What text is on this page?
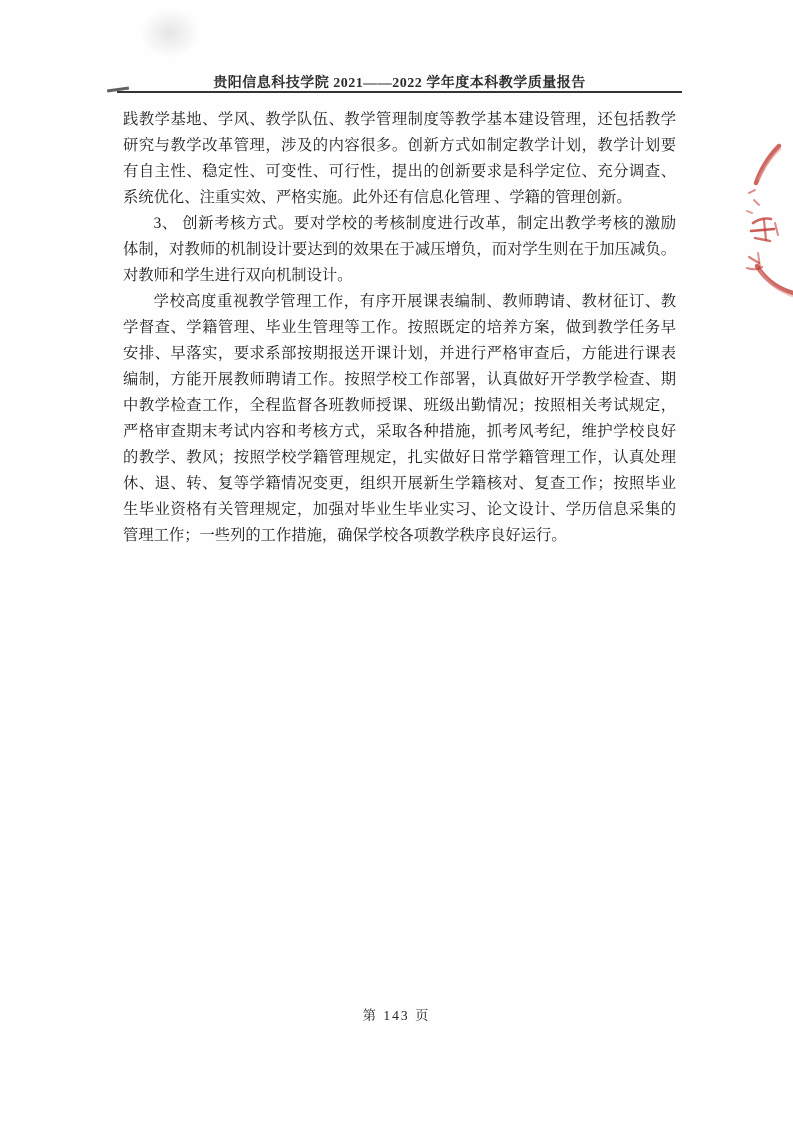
贵阳信息科技学院 2021——2022 学年度本科教学质量报告
践教学基地、学风、教学队伍、教学管理制度等教学基本建设管理，还包括教学
研究与教学改革管理，涉及的内容很多。创新方式如制定教学计划，教学计划要
有自主性、稳定性、可变性、可行性，提出的创新要求是科学定位、充分调查、
系统优化、注重实效、严格实施。此外还有信息化管理 、学籍的管理创新。
3、 创新考核方式。要对学校的考核制度进行改革，制定出教学考核的激励
体制，对教师的机制设计要达到的效果在于减压增负，而对学生则在于加压减负。
对教师和学生进行双向机制设计。
学校高度重视教学管理工作，有序开展课表编制、教师聘请、教材征订、教
学督查、学籍管理、毕业生管理等工作。按照既定的培养方案，做到教学任务早
安排、早落实，要求系部按期报送开课计划，并进行严格审查后，方能进行课表
编制，方能开展教师聘请工作。按照学校工作部署，认真做好开学教学检查、期
中教学检查工作，全程监督各班教师授课、班级出勤情况；按照相关考试规定，
严格审查期末考试内容和考核方式，采取各种措施，抓考风考纪，维护学校良好
的教学、教风；按照学校学籍管理规定，扎实做好日常学籍管理工作，认真处理
休、退、转、复等学籍情况变更，组织开展新生学籍核对、复查工作；按照毕业
生毕业资格有关管理规定，加强对毕业生毕业实习、论文设计、学历信息采集的
管理工作；一些列的工作措施，确保学校各项教学秩序良好运行。
第 143 页
